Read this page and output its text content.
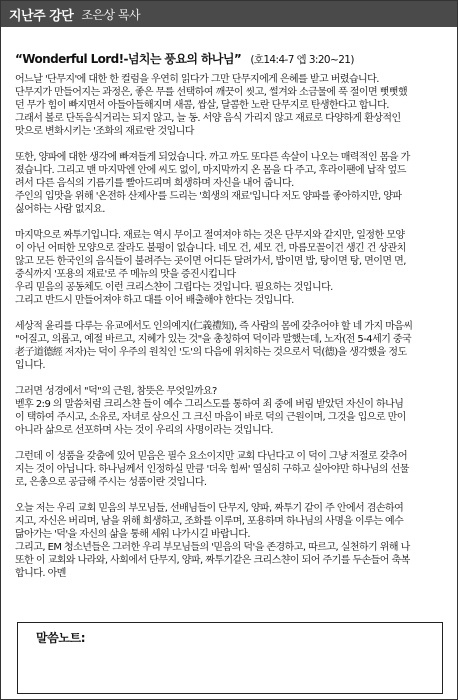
지난주 강단 조은상 목사
“Wonderful Lord!-넘치는 풍요의 하나님” (호14:4-7 엡 3:20~21)
어느날 '단무지'에 대한 한 컬럼을 우연히 읽다가 그만 단무지에게 은혜를 받고 버렸습니다.
단무지가 만들어지는 과정은, 좋은 무를 선택하여 깨끗이 씻고, 썰겨와 소금물에 푹 절이면 뻣뻣했
던 무가 힘이 빠지면서 아들아들해지며 새콤, 쌉살, 달콤한 노란 단무지로 탄생한다고 합니다.
그래서 볼로 단독음식거리는 되지 않고, 늘 동. 서양 음식 가리지 않고 재료로 다양하게 환상적인
맛으로 변화시키는 '조화의 재료'란 것입니다
또한, 양파에 대한 생각에 빠져들게 되었습니다. 까고 까도 또다른 속살이 나오는 매력적인 몸을 가
졌습니다. 그리고 맨 마지막엔 안에 씨도 없이, 마지막까지 온 몸을 다 주고, 후라이팬에 납작 엎드
려서 다른 음식의 기름기를 빨아드리며 희생하며 자신을 내어 줍니다.
주인의 입맛을 위해 '온전하 산제사'를 드리는 '희생의 재료'입니다 저도 양파를 좋아하지만, 양파
싫어하는 사람 없지요.
마지막으로 짜투기입니다. 재료는 역시 무이고 절여져야 하는 것은 단무지와 같지만, 일정한 모양
이 아닌 어떠한 모양으로 잘라도 불평이 없습니다. 네모 건, 세모 건, 마름모꼴이건 생긴 건 상관치
않고 모든 한국인의 음식들이 불려주는 곳이면 어디든 달려가서, 밥이면 밥, 탕이면 탕, 면이면 면,
중식까지 '포용의 재료'로 주 메뉴의 맛을 증진시킵니다
우리 믿음의 공동체도 이런 크리스챤이 그립다는 것입니다. 필요하는 것입니다.
그리고 반드시 만들어져야 하고 대를 이어 배출해야 한다는 것입니다.
세상적 윤리를 다루는 유교에서도 인의예지(仁義禮知), 즉 사람의 몸에 갖추어야 할 네 가지 마음씨
"어질고, 의롭고, 예절 바르고, 지혜가 있는 것"을 총칭하여 덕이라 말했는데, 노자(전 5-4세기 중국
老子道德經 저자)는 덕이 우주의 원칙인 '도'의 다음에 위치하는 것으로서 덕(德)을 생각했을 정도
입니다.
그러면 성경에서 "덕"의 근원, 참뜻은 무엇일까요?
벧후 2:9 의 말씀처럼 크리스챤 들이 예수 그리스도를 통하여 죄 중에 버림 받았던 자신이 하나님
이 택하여 주시고, 소유로, 자녀로 삼으신 그 크신 마음이 바로 덕의 근원이며, 그것을 입으로 만이
아니라 삶으로 선포하며 사는 것이 우리의 사명이라는 것입니다.
그런데 이 성품을 갖춤에 있어 믿음은 필수 요소이지만 교회 다닌다고 이 덕이 그냥 저절로 갖추어
지는 것이 아닙니다. 하나님께서 인정하실 만큼 '더욱 힘써' 열심히 구하고 실아야만 하나님의 선물
로, 은총으로 공급해 주시는 성품이란 것입니다.
오늘 저는 우리 교회 믿음의 부모님들, 선배님들이 단무지, 양파, 짜투기 같이 주 안에서 겸손하여
지고, 자신은 버리며, 남을 위해 희생하고, 조화를 이루며, 포용하며 하나님의 사명을 이루는 예수
닮아가는 '덕'을 자신의 삶을 통해 세워 나가시길 바랍니다.
그리고, EM 청소년들은 그러한 우리 부모님들의 '믿음의 덕'을 존경하고, 따르고, 실천하기 위해 나
또한 이 교회와 나라와, 사회에서 단무지, 양파, 짜투기같은 크리스챤이 되어 주기를 두손들어 축복
합니다. 아멘
말씀노트:
